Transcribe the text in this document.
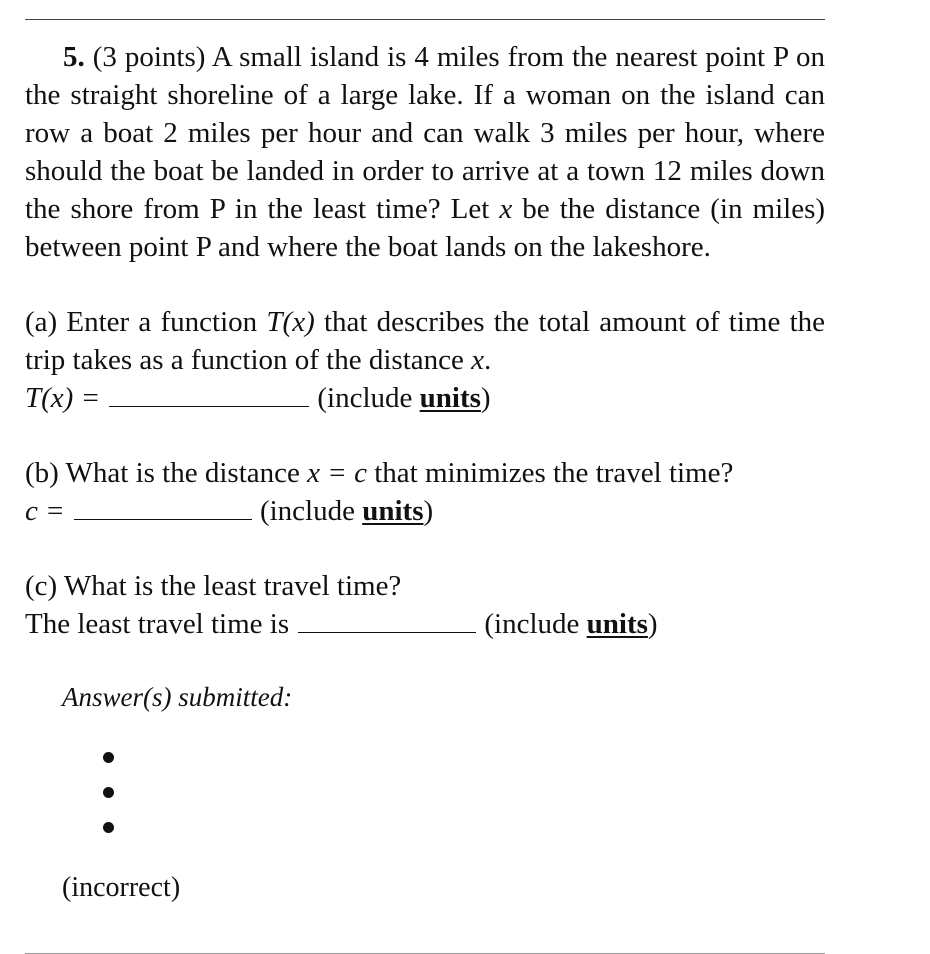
5. (3 points) A small island is 4 miles from the nearest point P on the straight shoreline of a large lake. If a woman on the island can row a boat 2 miles per hour and can walk 3 miles per hour, where should the boat be landed in order to arrive at a town 12 miles down the shore from P in the least time? Let x be the distance (in miles) between point P and where the boat lands on the lakeshore.

(a) Enter a function T(x) that describes the total amount of time the trip takes as a function of the distance x.
T(x) =	(include units)

(b) What is the distance x = c that minimizes the travel time?
c =	(include units)

(c) What is the least travel time?
The least travel time is	(include units)

Answer(s) submitted:
(incorrect)
